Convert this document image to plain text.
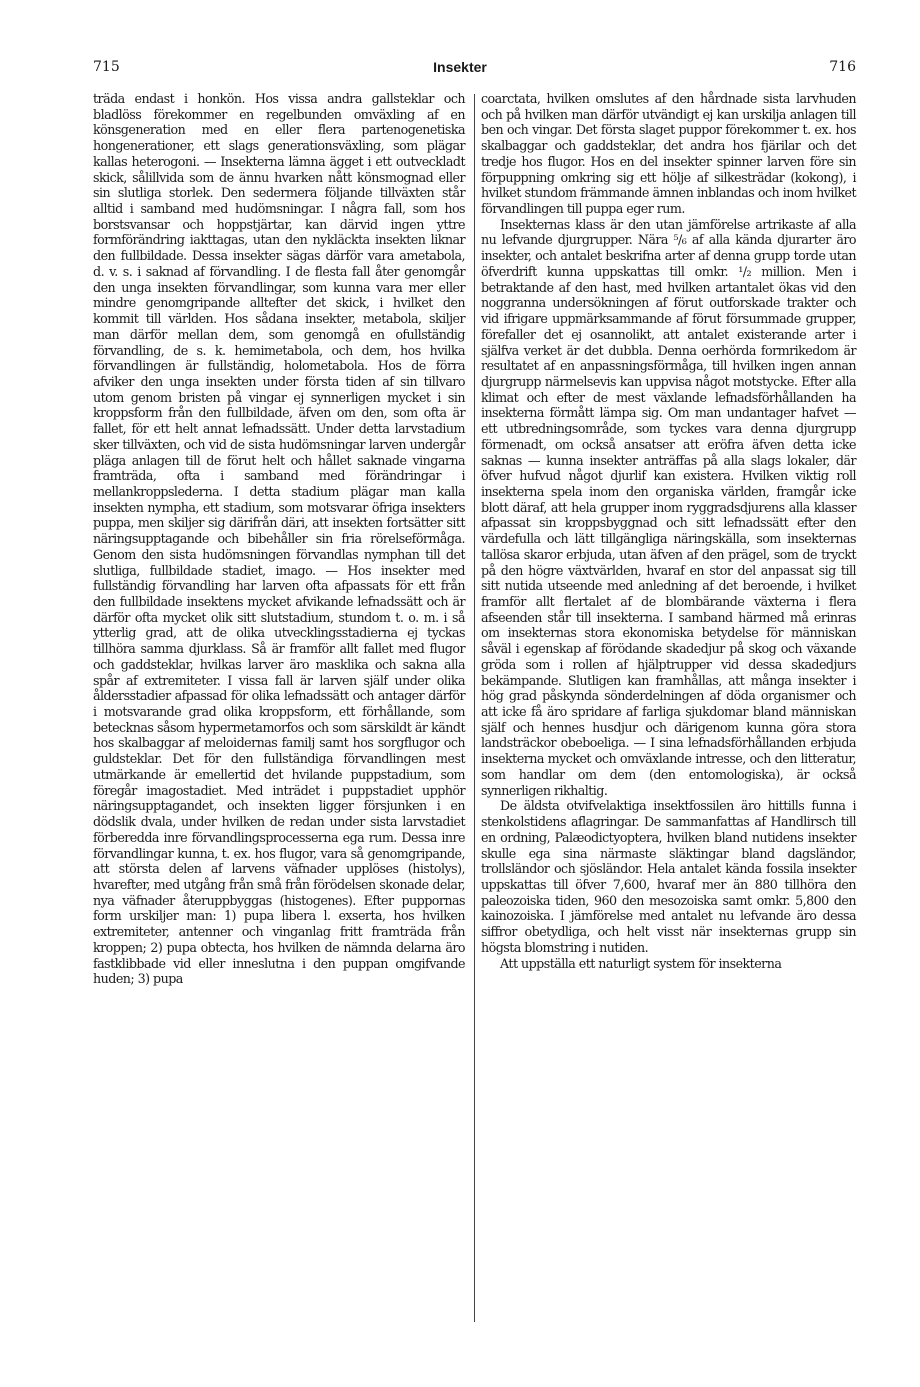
715	Insekter	716

träda endast i honkön. Hos vissa andra gallsteklar och bladlöss förekommer en regelbunden omväxling af en könsgeneration med en eller flera partenogenetiska hongenerationer, ett slags generationsväxling, som plägar kallas heterogoni. — Insekterna lämna ägget i ett outveckladt skick, sålillvida som de ännu hvarken nått könsmognad eller sin slutliga storlek. Den sedermera följande tillväxten står alltid i samband med hudömsningar. I några fall, som hos borstsvansar och hoppstjärtar, kan därvid ingen yttre formförändring iakttagas, utan den nykläckta insekten liknar den fullbildade. Dessa insekter sägas därför vara ametabola, d. v. s. i saknad af förvandling. I de flesta fall åter genomgår den unga insekten förvandlingar, som kunna vara mer eller mindre genomgripande alltefter det skick, i hvilket den kommit till världen. Hos sådana insekter, metabola, skiljer man därför mellan dem, som genomgå en ofullständig förvandling, de s. k. hemimetabola, och dem, hos hvilka förvandlingen är fullständig, holometabola. Hos de förra afviker den unga insekten under första tiden af sin tillvaro utom genom bristen på vingar ej synnerligen mycket i sin kroppsform från den fullbildade, äfven om den, som ofta är fallet, för ett helt annat lefnadssätt. Under detta larvstadium sker tillväxten, och vid de sista hudömsningar larven undergår pläga anlagen till de förut helt och hållet saknade vingarna framträda, ofta i samband med förändringar i mellankroppslederna. I detta stadium plägar man kalla insekten nympha, ett stadium, som motsvarar öfriga insekters puppa, men skiljer sig därifrån däri, att insekten fortsätter sitt näringsupptagande och bibehåller sin fria rörelseförmåga. Genom den sista hudömsningen förvandlas nymphan till det slutliga, fullbildade stadiet, imago. — Hos insekter med fullständig förvandling har larven ofta afpassats för ett från den fullbildade insektens mycket afvikande lefnadssätt och är därför ofta mycket olik sitt slutstadium, stundom t. o. m. i så ytterlig grad, att de olika utvecklingsstadierna ej tyckas tillhöra samma djurklass. Så är framför allt fallet med flugor och gaddsteklar, hvilkas larver äro masklika och sakna alla spår af extremiteter. I vissa fall är larven själf under olika åldersstadier afpassad för olika lefnadssätt och antager därför i motsvarande grad olika kroppsform, ett förhållande, som betecknas såsom hypermetamorfos och som särskildt är kändt hos skalbaggar af meloidernas familj samt hos sorgflugor och guldsteklar. Det för den fullständiga förvandlingen mest utmärkande är emellertid det hvilande puppstadium, som föregår imagostadiet. Med inträdet i puppstadiet upphör näringsupptagandet, och insekten ligger försjunken i en dödslik dvala, under hvilken de redan under sista larvstadiet förberedda inre förvandlingsprocesserna ega rum. Dessa inre förvandlingar kunna, t. ex. hos flugor, vara så genomgripande, att största delen af larvens väfnader upplöses (histolys), hvarefter, med utgång från små från förödelsen skonade delar, nya väfnader återuppbyggas (histogenes). Efter puppornas form urskiljer man: 1) pupa libera l. exserta, hos hvilken extremiteter, antenner och vinganlag fritt framträda från kroppen; 2) pupa obtecta, hos hvilken de nämnda delarna äro fastklibbade vid eller inneslutna i den puppan omgifvande huden; 3) pupa

coarctata, hvilken omslutes af den hårdnade sista larvhuden och på hvilken man därför utvändigt ej kan urskilja anlagen till ben och vingar. Det första slaget puppor förekommer t. ex. hos skalbaggar och gaddsteklar, det andra hos fjärilar och det tredje hos flugor. Hos en del insekter spinner larven före sin förpuppning omkring sig ett hölje af silkesträdar (kokong), i hvilket stundom främmande ämnen inblandas och inom hvilket förvandlingen till puppa eger rum.

Insekternas klass är den utan jämförelse artrikaste af alla nu lefvande djurgrupper. Nära ⁵/₆ af alla kända djurarter äro insekter, och antalet beskrifna arter af denna grupp torde utan öfverdrift kunna uppskattas till omkr. ¹/₂ million. Men i betraktande af den hast, med hvilken artantalet ökas vid den noggranna undersökningen af förut outforskade trakter och vid ifrigare uppmärksammande af förut försummade grupper, förefaller det ej osannolikt, att antalet existerande arter i själfva verket är det dubbla. Denna oerhörda formrikedom är resultatet af en anpassningsförmåga, till hvilken ingen annan djurgrupp närmelsevis kan uppvisa något motstycke. Efter alla klimat och efter de mest växlande lefnadsförhållanden ha insekterna förmått lämpa sig. Om man undantager hafvet — ett utbredningsområde, som tyckes vara denna djurgrupp förmenadt, om också ansatser att eröfra äfven detta icke saknas — kunna insekter anträffas på alla slags lokaler, där öfver hufvud något djurlif kan existera. Hvilken viktig roll insekterna spela inom den organiska världen, framgår icke blott däraf, att hela grupper inom ryggradsdjurens alla klasser afpassat sin kroppsbyggnad och sitt lefnadssätt efter den värdefulla och lätt tillgängliga näringskälla, som insekternas tallösa skaror erbjuda, utan äfven af den prägel, som de tryckt på den högre växtvärlden, hvaraf en stor del anpassat sig till sitt nutida utseende med anledning af det beroende, i hvilket framför allt flertalet af de blombärande växterna i flera afseenden står till insekterna. I samband härmed må erinras om insekternas stora ekonomiska betydelse för människan såväl i egenskap af förödande skadedjur på skog och växande gröda som i rollen af hjälptrupper vid dessa skadedjurs bekämpande. Slutligen kan framhållas, att många insekter i hög grad påskynda sönderdelningen af döda organismer och att icke få äro spridare af farliga sjukdomar bland människan själf och hennes husdjur och därigenom kunna göra stora landsträckor obeboeliga. — I sina lefnadsförhållanden erbjuda insekterna mycket och omväxlande intresse, och den litteratur, som handlar om dem (den entomologiska), är också synnerligen rikhaltig.

De äldsta otvifvelaktiga insektfossilen äro hittills funna i stenkolstidens aflagringar. De sammanfattas af Handlirsch till en ordning, Palæodictyoptera, hvilken bland nutidens insekter skulle ega sina närmaste släktingar bland dagsländor, trollsländor och sjösländor. Hela antalet kända fossila insekter uppskattas till öfver 7,600, hvaraf mer än 880 tillhöra den paleozoiska tiden, 960 den mesozoiska samt omkr. 5,800 den kainozoiska. I jämförelse med antalet nu lefvande äro dessa siffror obetydliga, och helt visst när insekternas grupp sin högsta blomstring i nutiden.

Att uppställa ett naturligt system för insekterna
